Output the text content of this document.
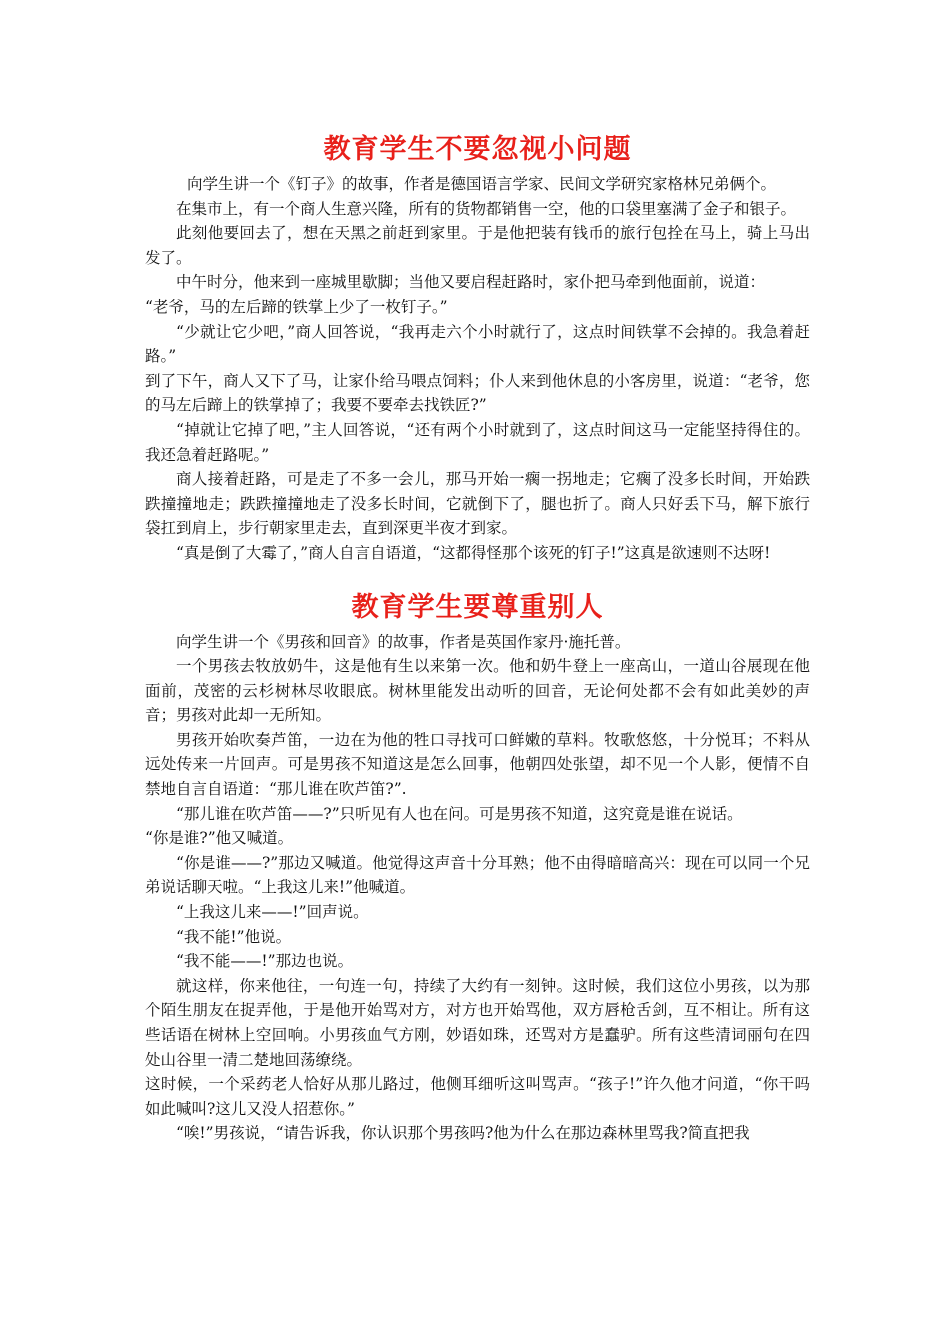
教育学生不要忽视小问题

向学生讲一个《钉子》的故事，作者是德国语言学家、民间文学研究家格林兄弟俩个。

在集市上，有一个商人生意兴隆，所有的货物都销售一空，他的口袋里塞满了金子和银子。

此刻他要回去了，想在天黑之前赶到家里。于是他把装有钱币的旅行包拴在马上，骑上马出发了。

中午时分，他来到一座城里歇脚；当他又要启程赶路时，家仆把马牵到他面前，说道：

“老爷，马的左后蹄的铁掌上少了一枚钉子。”

“少就让它少吧，”商人回答说，“我再走六个小时就行了，这点时间铁掌不会掉的。我急着赶路。”

到了下午，商人又下了马，让家仆给马喂点饲料；仆人来到他休息的小客房里，说道：“老爷，您的马左后蹄上的铁掌掉了；我要不要牵去找铁匠?”

“掉就让它掉了吧，”主人回答说，“还有两个小时就到了，这点时间这马一定能坚持得住的。我还急着赶路呢。”

商人接着赶路，可是走了不多一会儿，那马开始一瘸一拐地走；它瘸了没多长时间，开始跌跌撞撞地走；跌跌撞撞地走了没多长时间，它就倒下了，腿也折了。商人只好丢下马，解下旅行袋扛到肩上，步行朝家里走去，直到深更半夜才到家。

“真是倒了大霉了，”商人自言自语道，“这都得怪那个该死的钉子!”这真是欲速则不达呀!

教育学生要尊重别人

向学生讲一个《男孩和回音》的故事，作者是英国作家丹·施托普。

一个男孩去牧放奶牛，这是他有生以来第一次。他和奶牛登上一座高山，一道山谷展现在他面前，茂密的云杉树林尽收眼底。树林里能发出动听的回音，无论何处都不会有如此美妙的声音；男孩对此却一无所知。

男孩开始吹奏芦笛，一边在为他的牲口寻找可口鲜嫩的草料。牧歌悠悠，十分悦耳；不料从远处传来一片回声。可是男孩不知道这是怎么回事，他朝四处张望，却不见一个人影，便情不自禁地自言自语道：“那儿谁在吹芦笛?”.

“那儿谁在吹芦笛——?”只听见有人也在问。可是男孩不知道，这究竟是谁在说话。

“你是谁?”他又喊道。

“你是谁——?”那边又喊道。他觉得这声音十分耳熟；他不由得暗暗高兴：现在可以同一个兄弟说话聊天啦。“上我这儿来!”他喊道。

“上我这儿来——!”回声说。

“我不能!”他说。

“我不能——!”那边也说。

就这样，你来他往，一句连一句，持续了大约有一刻钟。这时候，我们这位小男孩，以为那个陌生朋友在捉弄他，于是他开始骂对方，对方也开始骂他，双方唇枪舌剑，互不相让。所有这些话语在树林上空回响。小男孩血气方刚，妙语如珠，还骂对方是蠢驴。所有这些清词丽句在四处山谷里一清二楚地回荡缭绕。

这时候，一个采药老人恰好从那儿路过，他侧耳细听这叫骂声。“孩子!”许久他才问道，“你干吗如此喊叫?这儿又没人招惹你。”

“唉!”男孩说，“请告诉我，你认识那个男孩吗?他为什么在那边森林里骂我?简直把我
